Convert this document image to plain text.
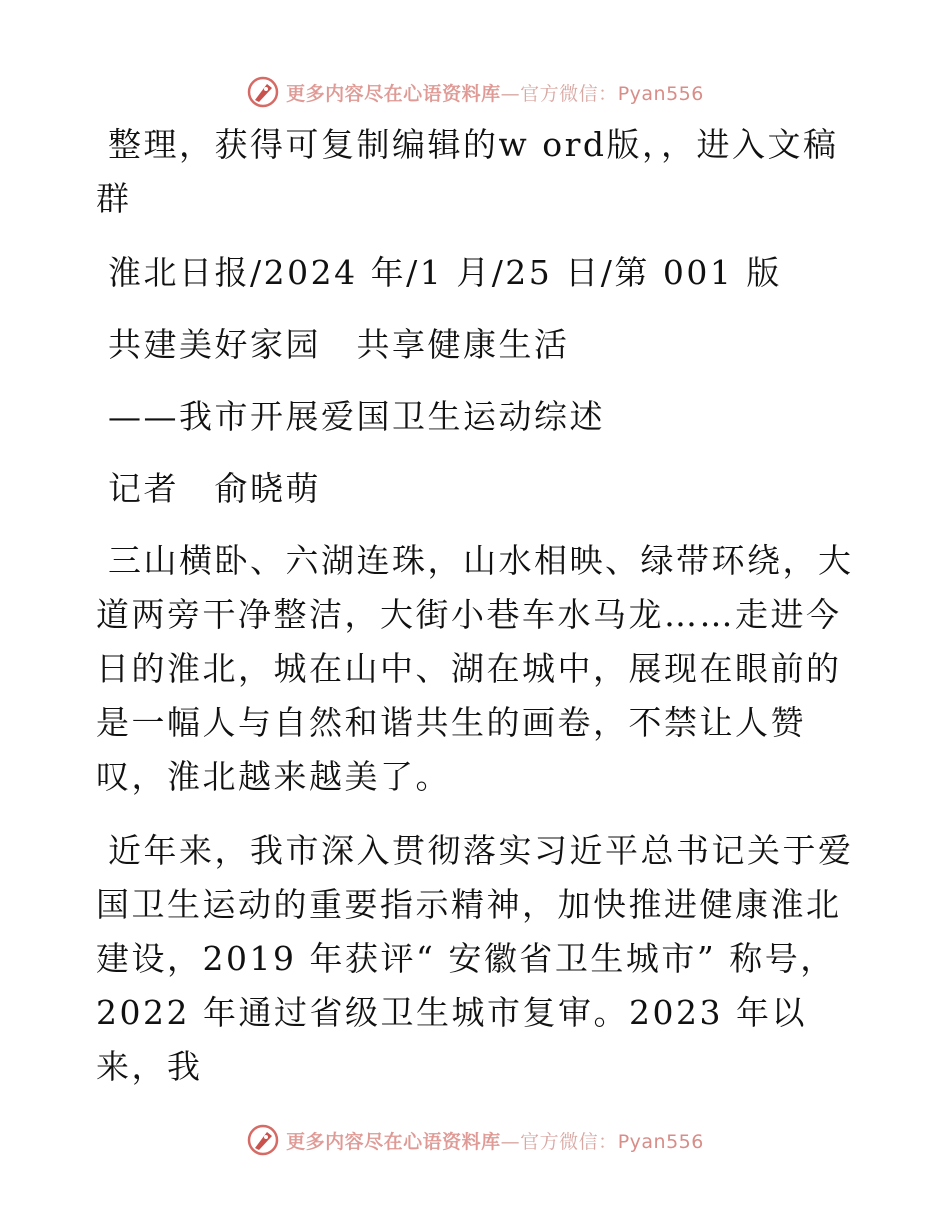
更多内容尽在心语资料库—官方微信：Pyan556

整理，获得可复制编辑的w ord版，，进入文稿群

淮北日报/2024 年/1 月/25 日/第 001 版

共建美好家园　共享健康生活

——我市开展爱国卫生运动综述

记者　俞晓萌

三山横卧、六湖连珠，山水相映、绿带环绕，大道两旁干净整洁，大街小巷车水马龙……走进今日的淮北，城在山中、湖在城中，展现在眼前的是一幅人与自然和谐共生的画卷，不禁让人赞叹，淮北越来越美了。

近年来，我市深入贯彻落实习近平总书记关于爱国卫生运动的重要指示精神，加快推进健康淮北建设，2019 年获评“ 安徽省卫生城市” 称号，2022 年通过省级卫生城市复审。2023 年以来，我

更多内容尽在心语资料库—官方微信：Pyan556
